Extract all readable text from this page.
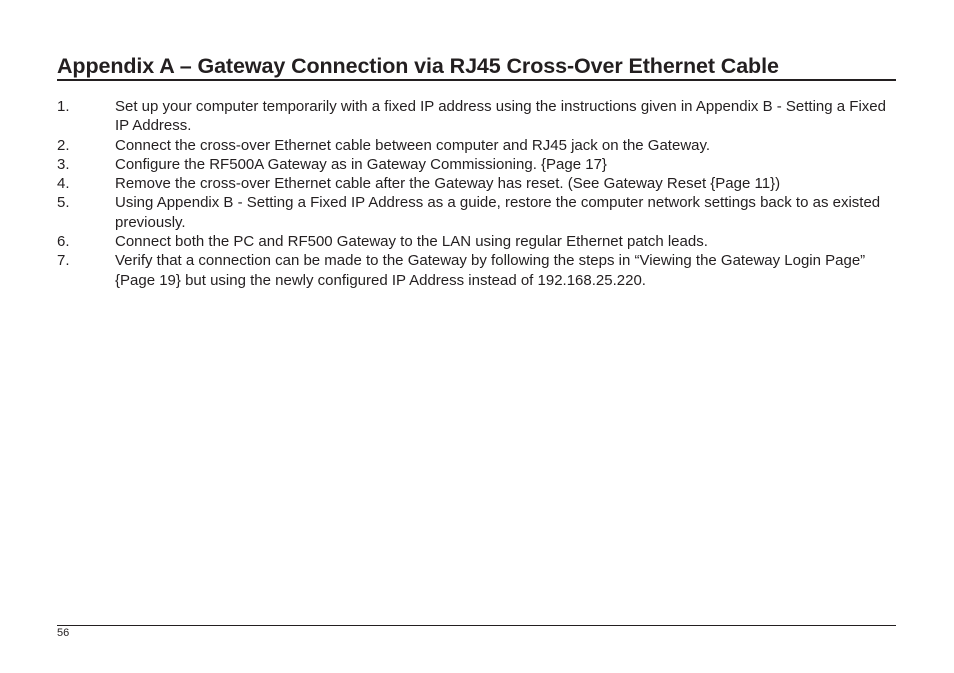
Appendix A – Gateway Connection via RJ45 Cross-Over Ethernet Cable
1.	Set up your computer temporarily with a fixed IP address using the instructions given in Appendix B - Setting a Fixed IP Address.
2.	Connect the cross-over Ethernet cable between computer and RJ45 jack on the Gateway.
3.	Configure the RF500A Gateway as in Gateway Commissioning. {Page 17}
4.	Remove the cross-over Ethernet cable after the Gateway has reset. (See Gateway Reset {Page 11})
5.	Using Appendix B - Setting a Fixed IP Address as a guide, restore the computer network settings back to as existed previously.
6.	Connect both the PC and RF500 Gateway to the LAN using regular Ethernet patch leads.
7.	Verify that a connection can be made to the Gateway by following the steps in “Viewing the Gateway Login Page” {Page 19} but using the newly configured IP Address instead of 192.168.25.220.
56
